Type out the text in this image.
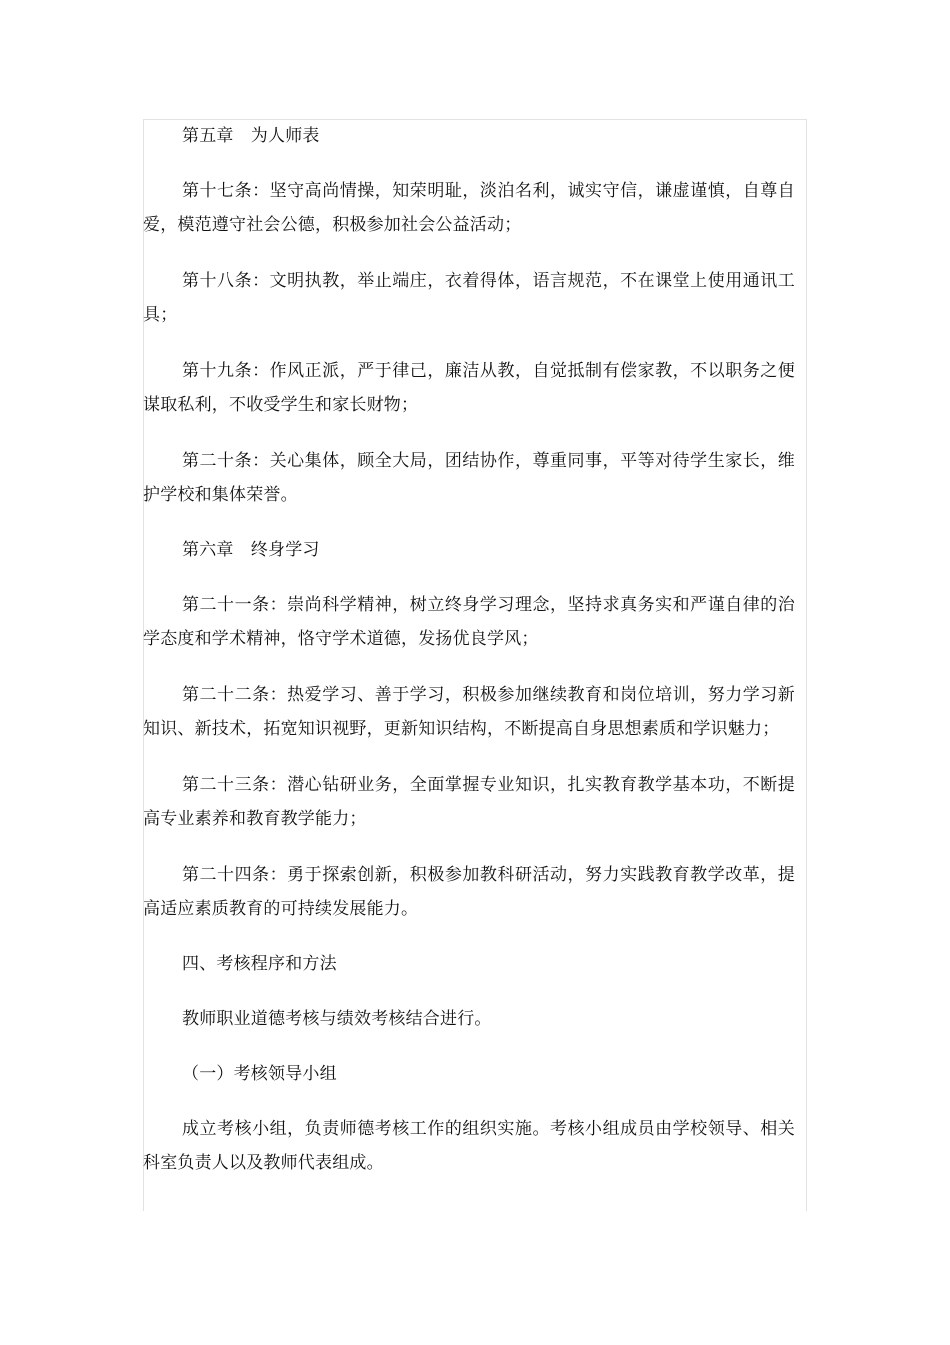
第五章　为人师表

第十七条：坚守高尚情操，知荣明耻，淡泊名利，诚实守信，谦虚谨慎，自尊自爱，模范遵守社会公德，积极参加社会公益活动；

第十八条：文明执教，举止端庄，衣着得体，语言规范，不在课堂上使用通讯工具；

第十九条：作风正派，严于律己，廉洁从教，自觉抵制有偿家教，不以职务之便谋取私利，不收受学生和家长财物；

第二十条：关心集体，顾全大局，团结协作，尊重同事，平等对待学生家长，维护学校和集体荣誉。

第六章　终身学习

第二十一条：崇尚科学精神，树立终身学习理念，坚持求真务实和严谨自律的治学态度和学术精神，恪守学术道德，发扬优良学风；

第二十二条：热爱学习、善于学习，积极参加继续教育和岗位培训，努力学习新知识、新技术，拓宽知识视野，更新知识结构，不断提高自身思想素质和学识魅力；

第二十三条：潜心钻研业务，全面掌握专业知识，扎实教育教学基本功，不断提高专业素养和教育教学能力；

第二十四条：勇于探索创新，积极参加教科研活动，努力实践教育教学改革，提高适应素质教育的可持续发展能力。

四、考核程序和方法

教师职业道德考核与绩效考核结合进行。

（一）考核领导小组

成立考核小组，负责师德考核工作的组织实施。考核小组成员由学校领导、相关科室负责人以及教师代表组成。
